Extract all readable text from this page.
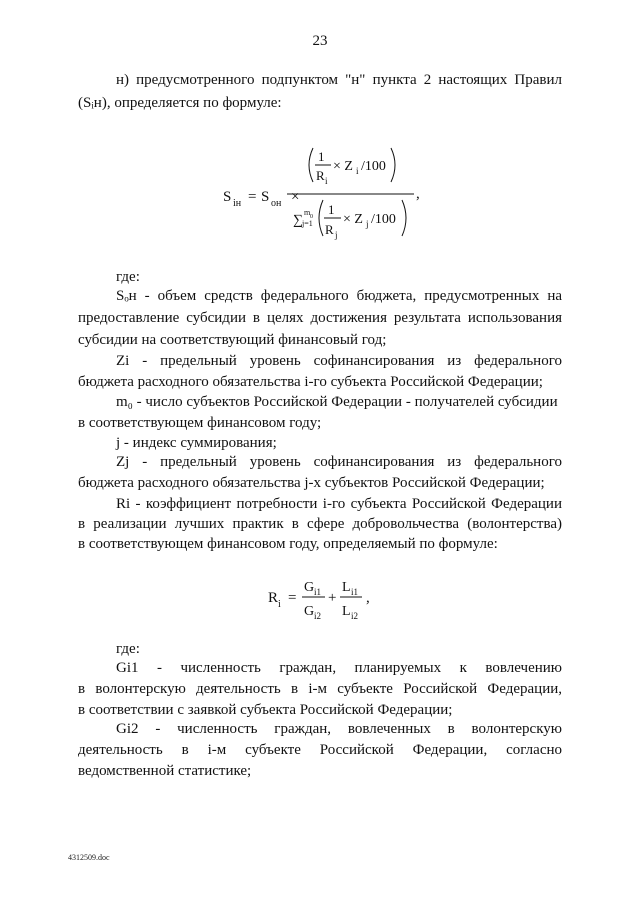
23
н) предусмотренного подпунктом "н" пункта 2 настоящих Правил
(Sᵢн), определяется по формуле:
S iн = S он ×
1
R i
× Z i /100
∑
m 0
j=1
1
R j
× Z j /100
,
где:
Sₒн - объем средств федерального бюджета, предусмотренных на
предоставление субсидии в целях достижения результата использования
субсидии на соответствующий финансовый год;
Zi - предельный уровень софинансирования из федерального
бюджета расходного обязательства i-го субъекта Российской Федерации;
m₀ - число субъектов Российской Федерации - получателей субсидии
в соответствующем финансовом году;
j - индекс суммирования;
Zj - предельный уровень софинансирования из федерального
бюджета расходного обязательства j-х субъектов Российской Федерации;
Ri - коэффициент потребности i-го субъекта Российской Федерации
в реализации лучших практик в сфере добровольчества (волонтерства)
в соответствующем финансовом году, определяемый по формуле:
R i =
G i1
G i2
+
L i1
L i2
,
где:
Gi1 - численность граждан, планируемых к вовлечению
в волонтерскую деятельность в i-м субъекте Российской Федерации,
в соответствии с заявкой субъекта Российской Федерации;
Gi2 - численность граждан, вовлеченных в волонтерскую
деятельность в i-м субъекте Российской Федерации, согласно
ведомственной статистике;
4312509.doc
